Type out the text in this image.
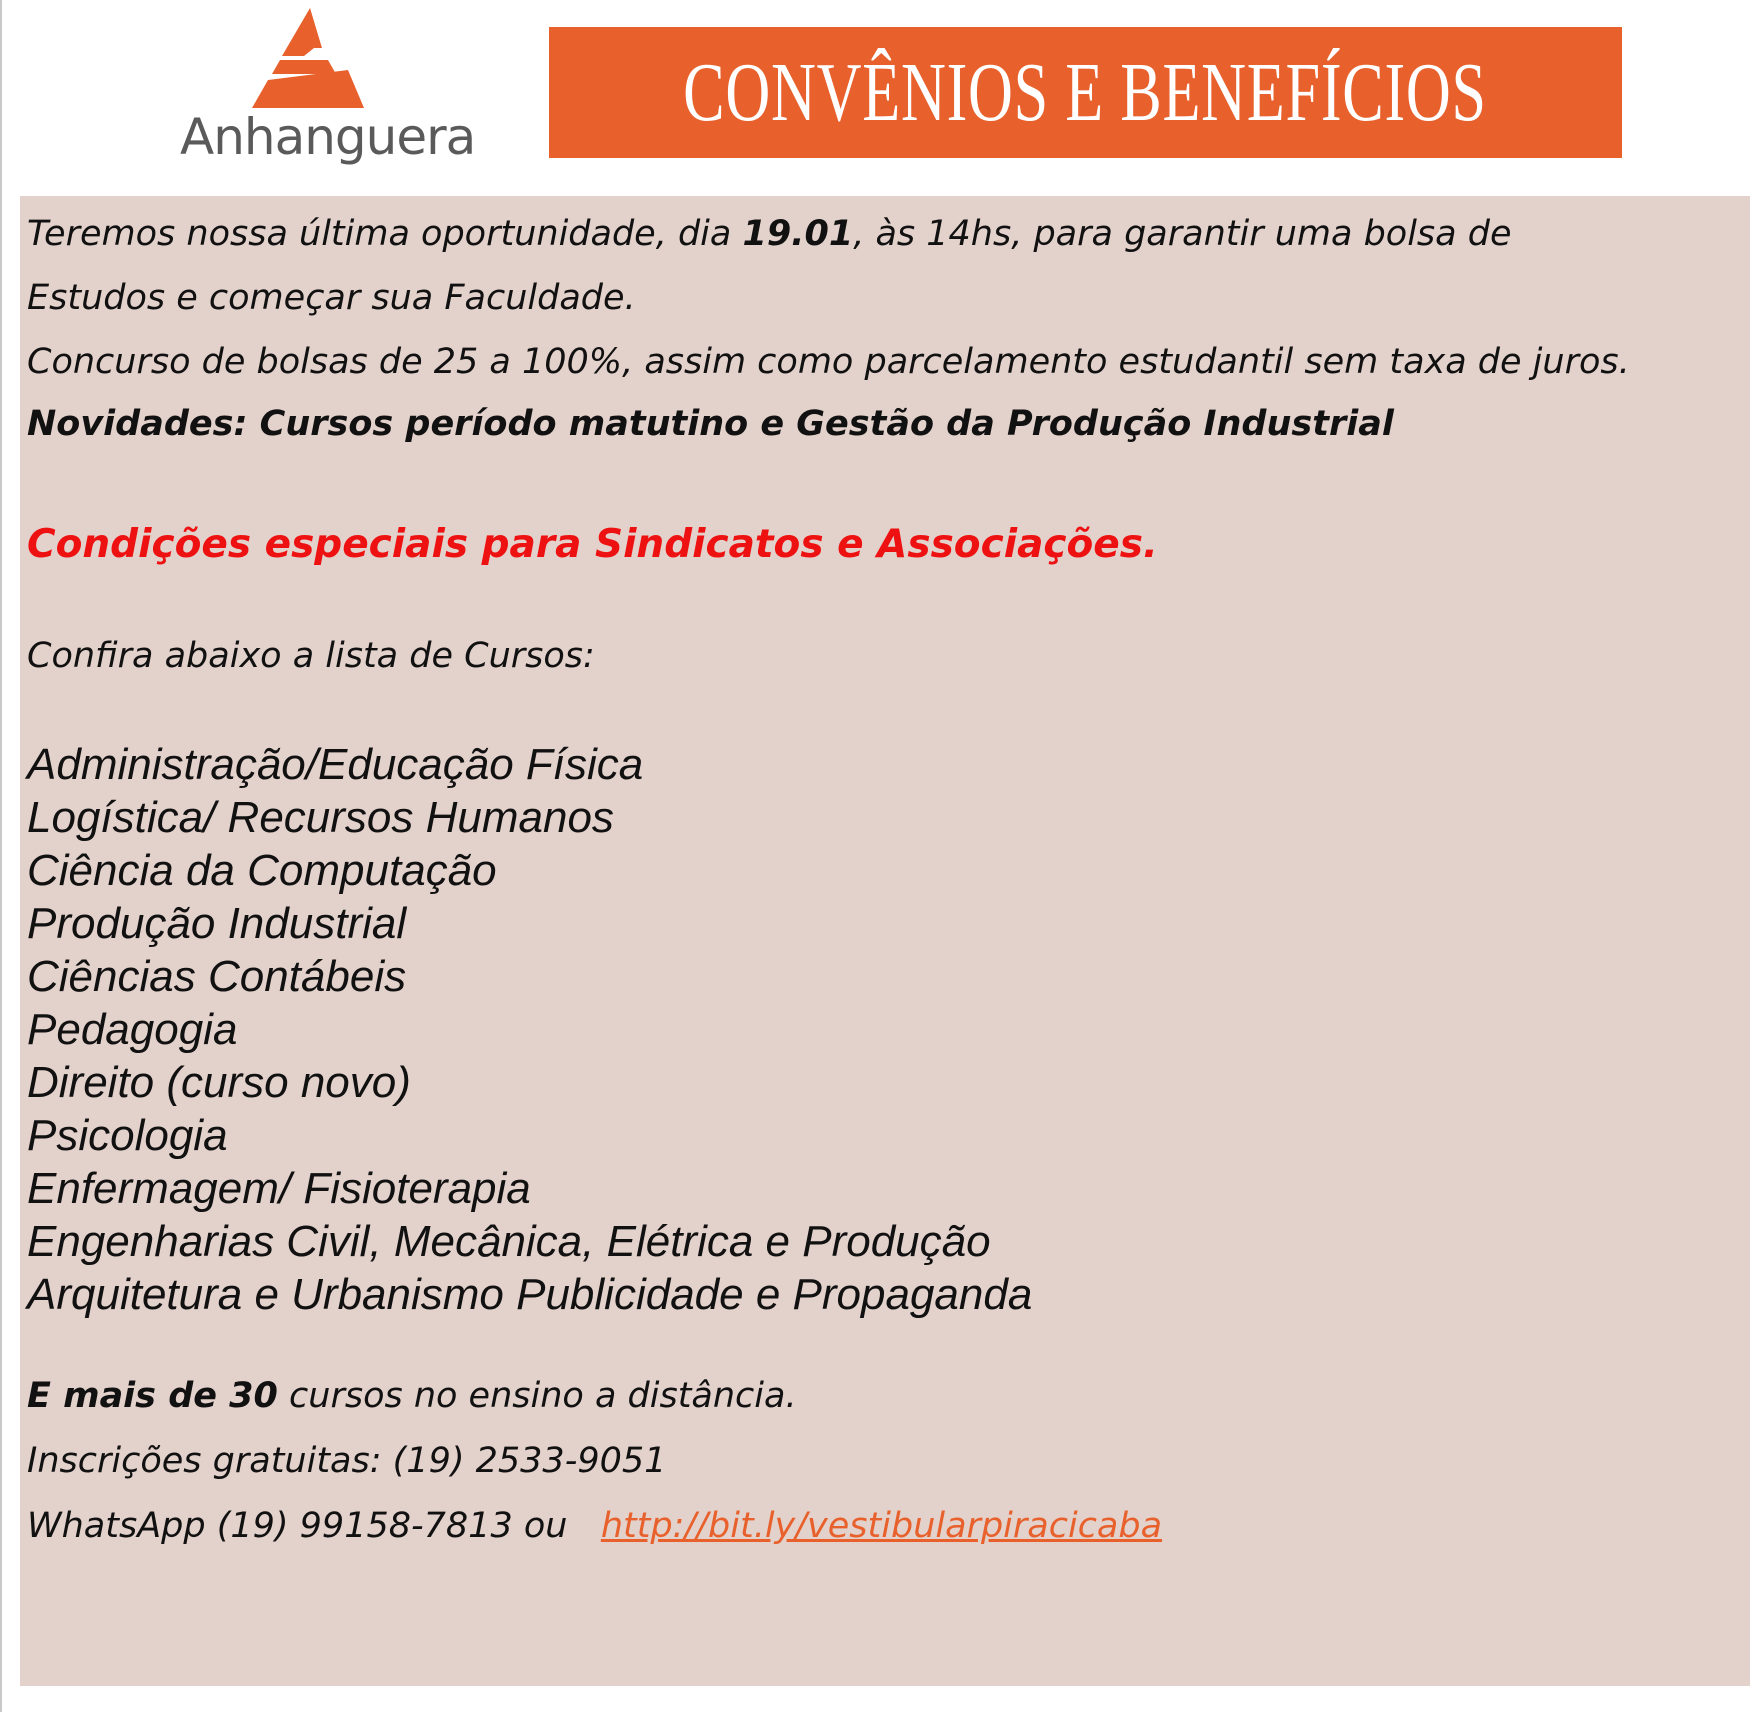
Anhanguera CONVÊNIOS E BENEFÍCIOS
Teremos nossa última oportunidade, dia 19.01, às 14hs, para garantir uma bolsa de
Estudos e começar sua Faculdade.
Concurso de bolsas de 25 a 100%, assim como parcelamento estudantil sem taxa de juros.
Novidades: Cursos período matutino e Gestão da Produção Industrial
Condições especiais para Sindicatos e Associações.
Confira abaixo a lista de Cursos:
Administração/Educação Física
Logística/ Recursos Humanos
Ciência da Computação
Produção Industrial
Ciências Contábeis
Pedagogia
Direito (curso novo)
Psicologia
Enfermagem/ Fisioterapia
Engenharias Civil, Mecânica, Elétrica e Produção
Arquitetura e Urbanismo Publicidade e Propaganda
E mais de 30 cursos no ensino a distância.
Inscrições gratuitas: (19) 2533-9051
WhatsApp (19) 99158-7813 ou   http://bit.ly/vestibularpiracicaba
